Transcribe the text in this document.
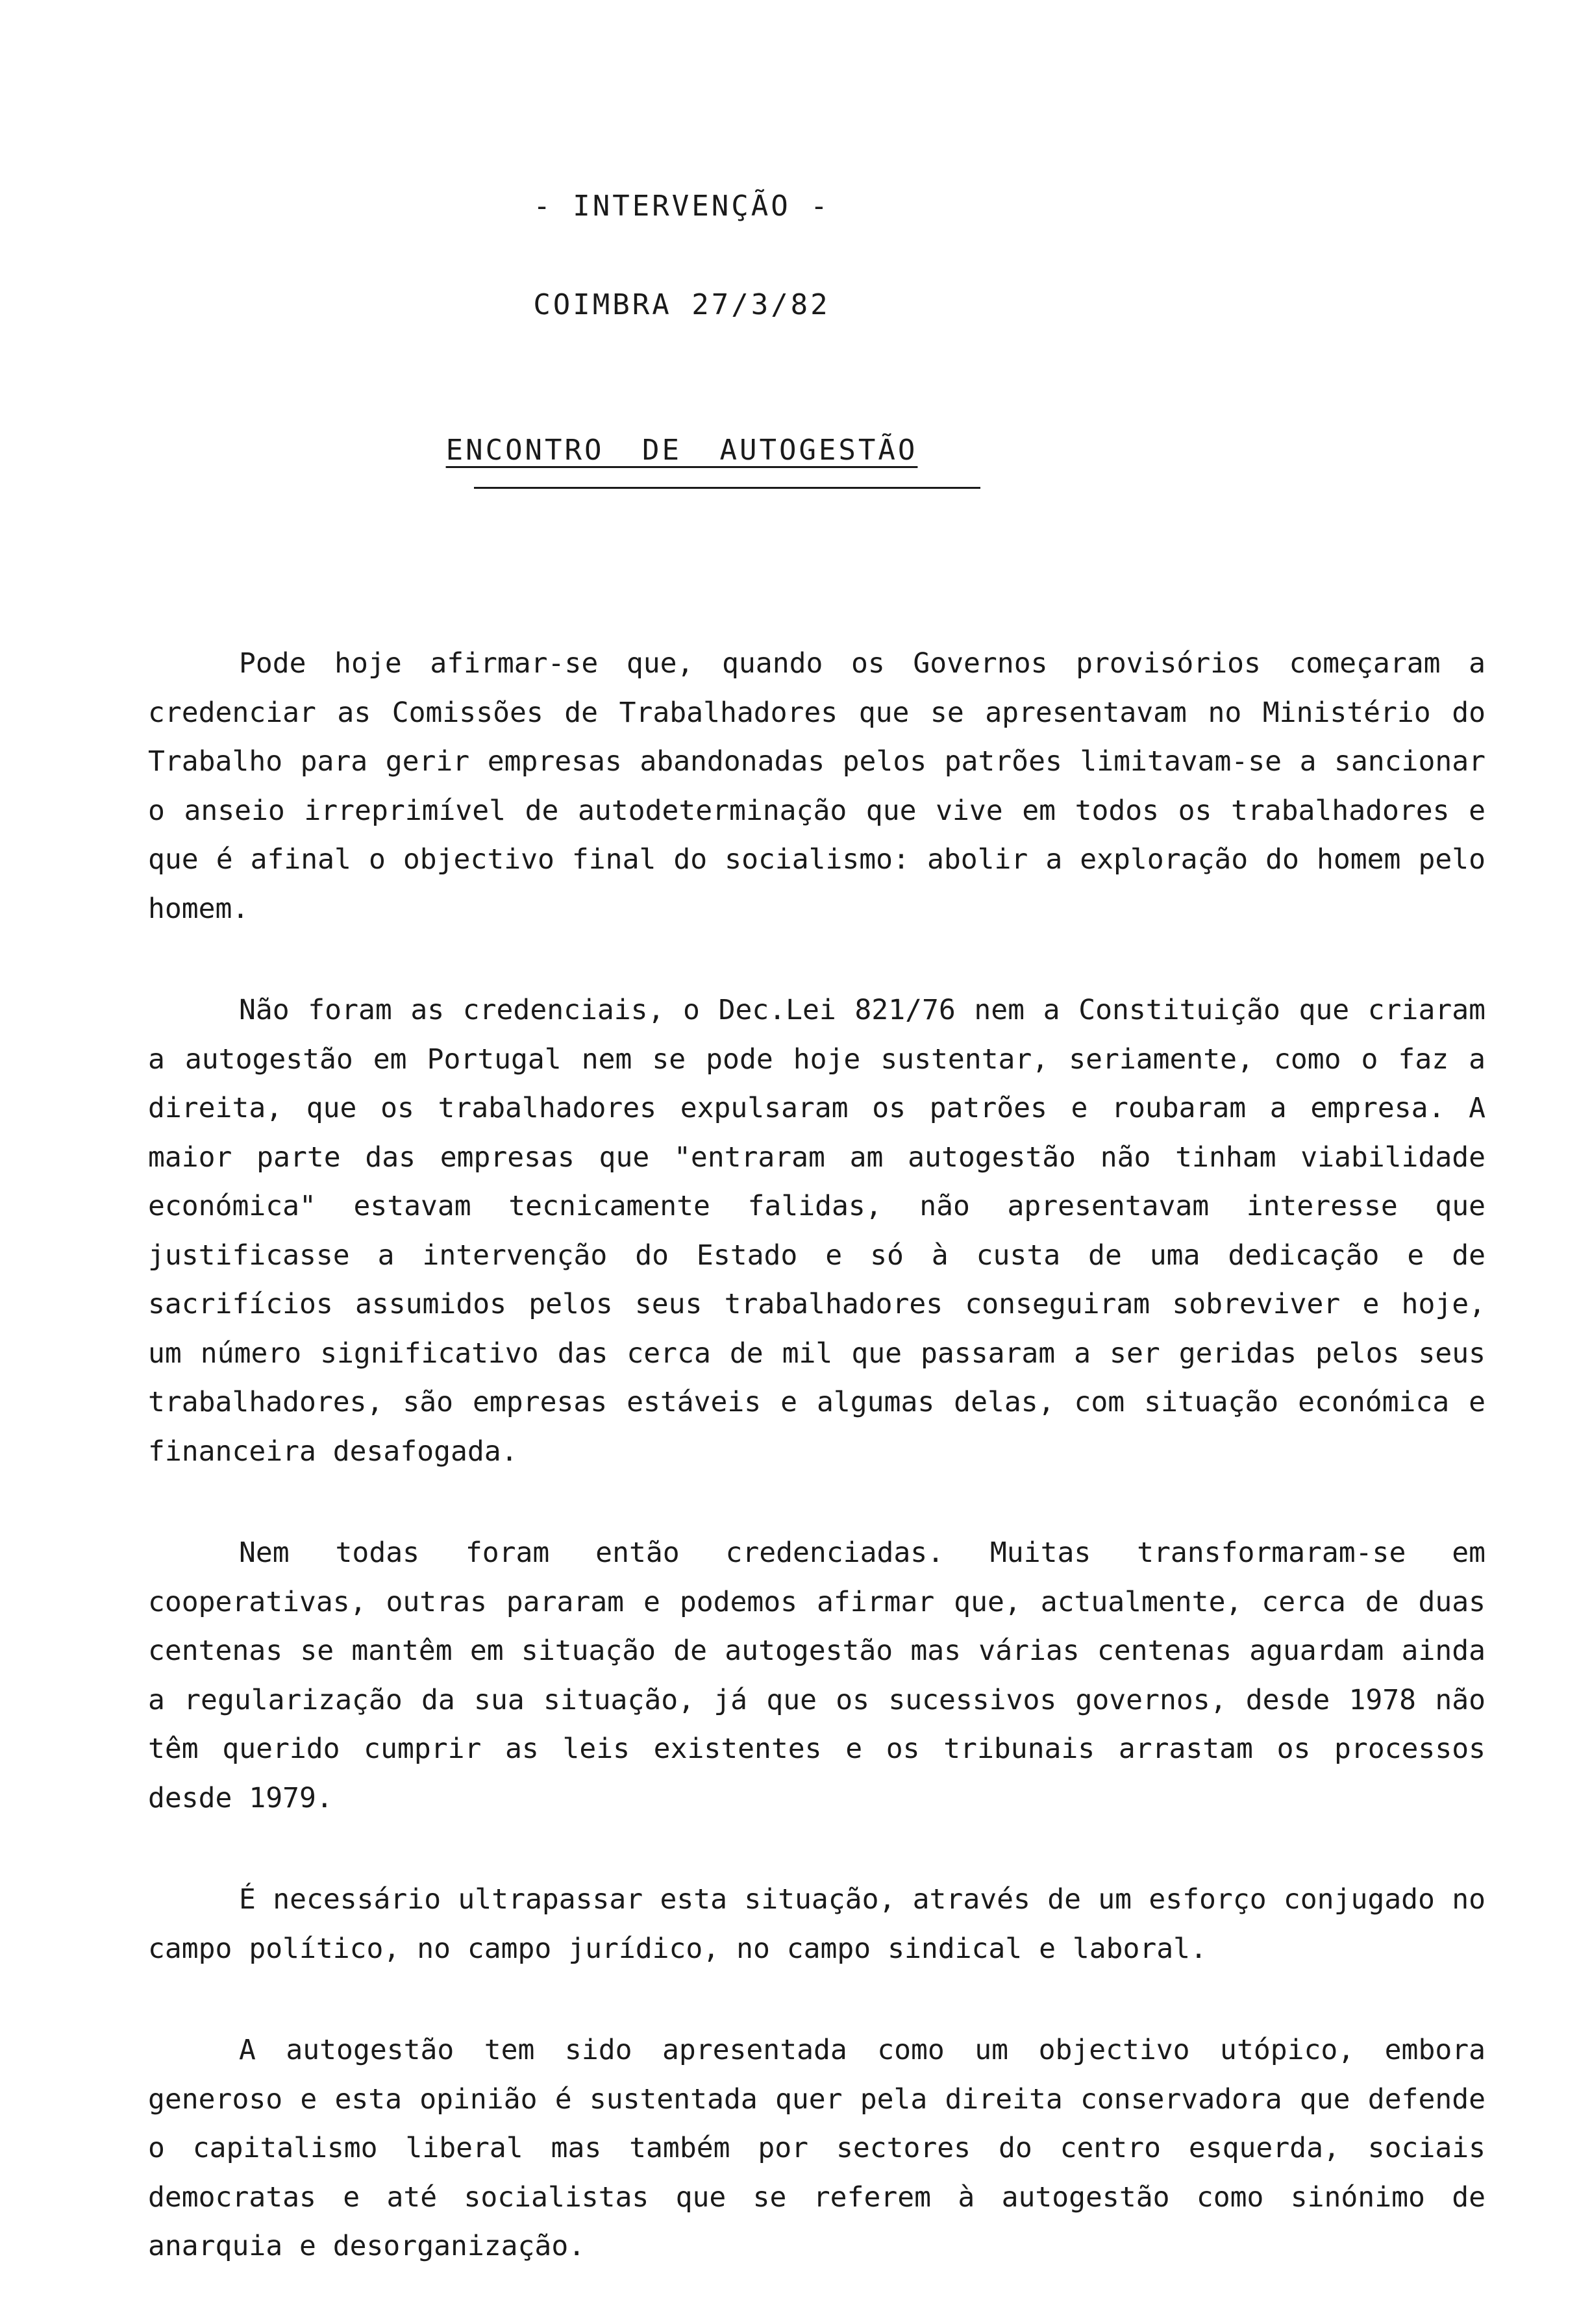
- INTERVENÇÃO -
COIMBRA 27/3/82
ENCONTRO DE AUTOGESTÃO

Pode hoje afirmar-se que, quando os Governos provisórios começaram a credenciar as Comissões de Trabalhadores que se apresentavam no Ministério do Trabalho para gerir empresas abandonadas pelos patrões limitavam-se a sancionar o anseio irreprimível de autodeterminação que vive em todos os trabalhadores e que é afinal o objectivo final do socialismo: abolir a exploração do homem pelo homem.

Não foram as credenciais, o Dec.Lei 821/76 nem a Constituição que criaram a autogestão em Portugal nem se pode hoje sustentar, seriamente, como o faz a direita, que os trabalhadores expulsaram os patrões e roubaram a empresa. A maior parte das empresas que "entraram am autogestão não tinham viabilidade económica" estavam tecnicamente falidas, não apresentavam interesse que justificasse a intervenção do Estado e só à custa de uma dedicação e de sacrifícios assumidos pelos seus trabalhadores conseguiram sobreviver e hoje, um número significativo das cerca de mil que passaram a ser geridas pelos seus trabalhadores, são empresas estáveis e algumas delas, com situação económica e financeira desafogada.

Nem todas foram então credenciadas. Muitas transformaram-se em cooperativas, outras pararam e podemos afirmar que, actualmente, cerca de duas centenas se mantêm em situação de autogestão mas várias centenas aguardam ainda a regularização da sua situação, já que os sucessivos governos, desde 1978 não têm querido cumprir as leis existentes e os tribunais arrastam os processos desde 1979.

É necessário ultrapassar esta situação, através de um esforço conjugado no campo político, no campo jurídico, no campo sindical e laboral.

A autogestão tem sido apresentada como um objectivo utópico, embora generoso e esta opinião é sustentada quer pela direita conservadora que defende o capitalismo liberal mas também por sectores do centro esquerda, sociais democratas e até socialistas que se referem à autogestão como sinónimo de anarquia e desorganização.
